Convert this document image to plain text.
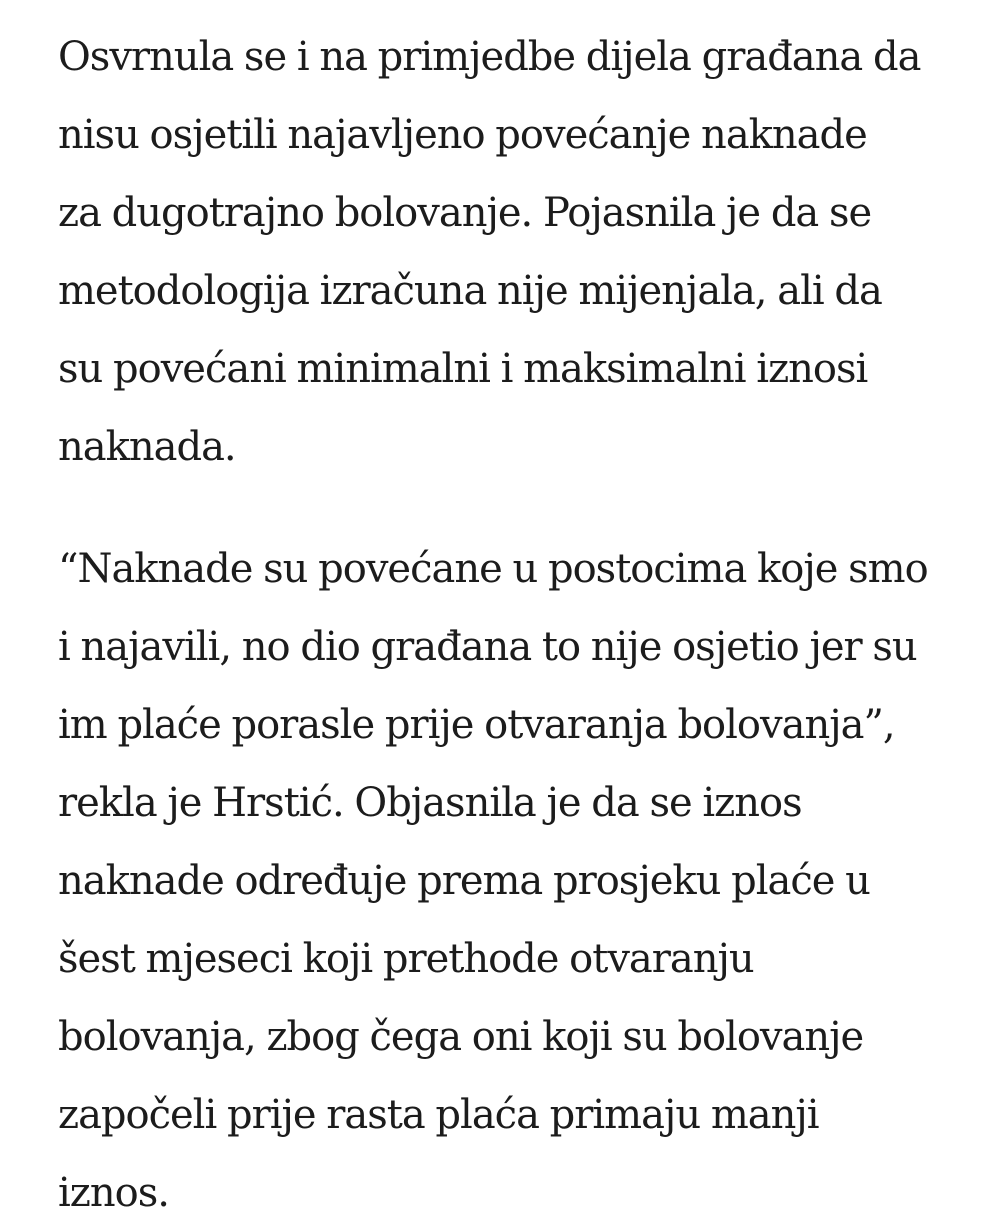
Osvrnula se i na primjedbe dijela građana da
nisu osjetili najavljeno povećanje naknade
za dugotrajno bolovanje. Pojasnila je da se
metodologija izračuna nije mijenjala, ali da
su povećani minimalni i maksimalni iznosi
naknada.

“Naknade su povećane u postocima koje smo
i najavili, no dio građana to nije osjetio jer su
im plaće porasle prije otvaranja bolovanja”,
rekla je Hrstić. Objasnila je da se iznos
naknade određuje prema prosjeku plaće u
šest mjeseci koji prethode otvaranju
bolovanja, zbog čega oni koji su bolovanje
započeli prije rasta plaća primaju manji
iznos.
